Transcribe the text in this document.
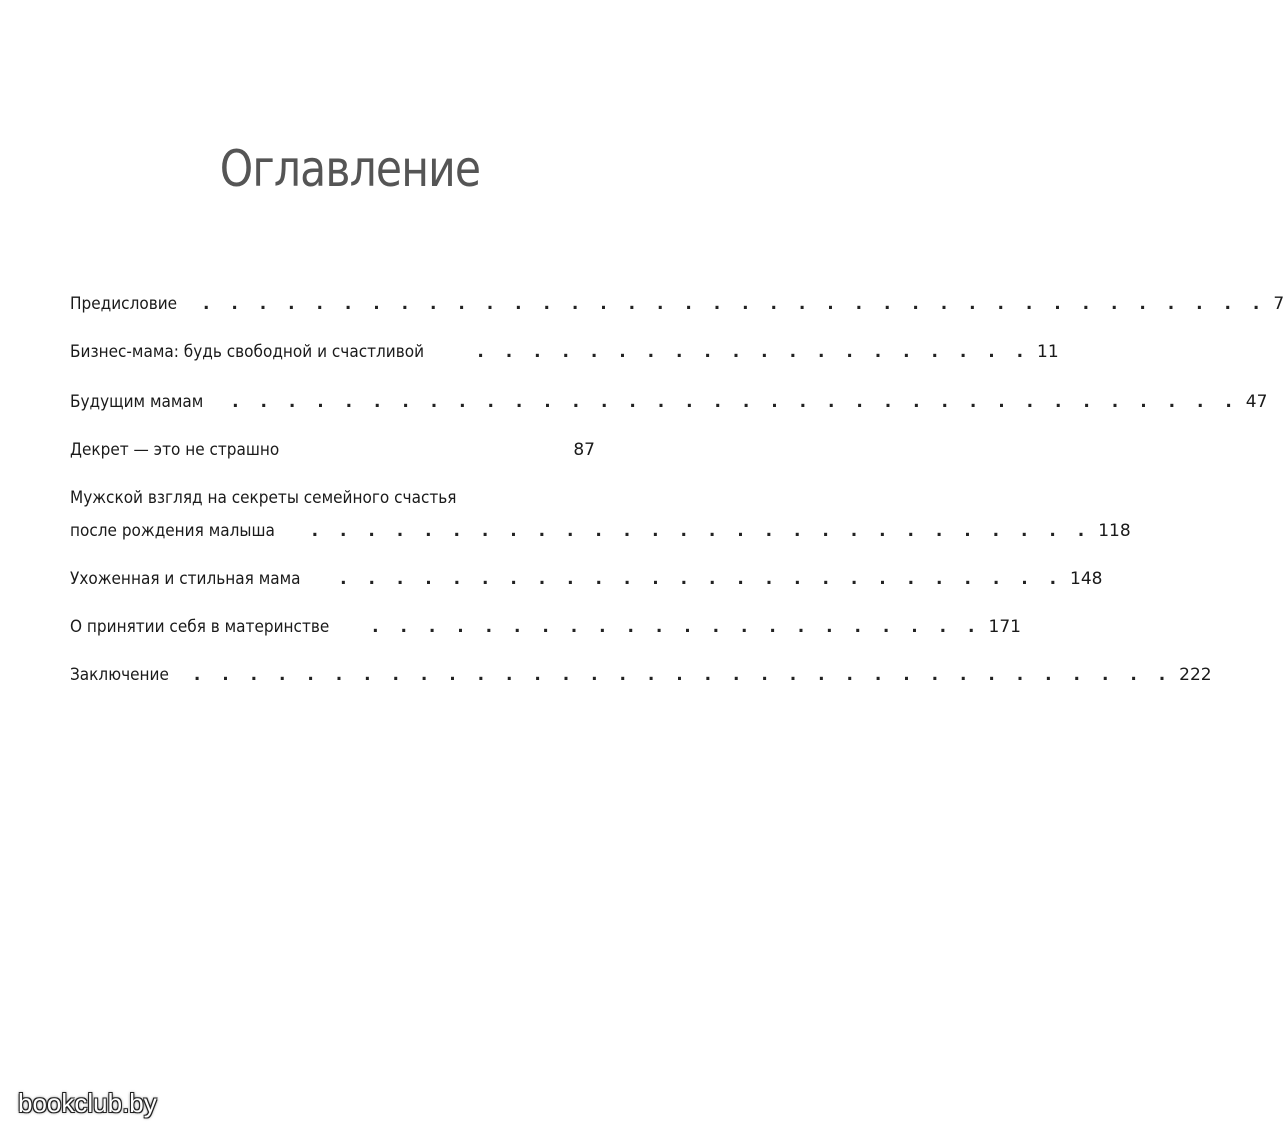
Оглавление
Предисловие . . . . . . . . . . . . . . . . . . . . . . . . . . . . . . . . . . . . . . 7
Бизнес-мама: будь свободной и счастливой	. . . . . . . . . . . . . . . . . . . . 11
Будущим мамам . . . . . . . . . . . . . . . . . . . . . . . . . . . . . . . . . . . . 47
Декрет — это не страшно	87
Мужской взгляд на секреты семейного счастья
после рождения малыша . . . . . . . . . . . . . . . . . . . . . . . . . . . . 118
Ухоженная и стильная мама . . . . . . . . . . . . . . . . . . . . . . . . . . 148
О принятии себя в материнстве	. . . . . . . . . . . . . . . . . . . . . . 171
Заключение . . . . . . . . . . . . . . . . . . . . . . . . . . . . . . . . . . . 222
bookclub.by
